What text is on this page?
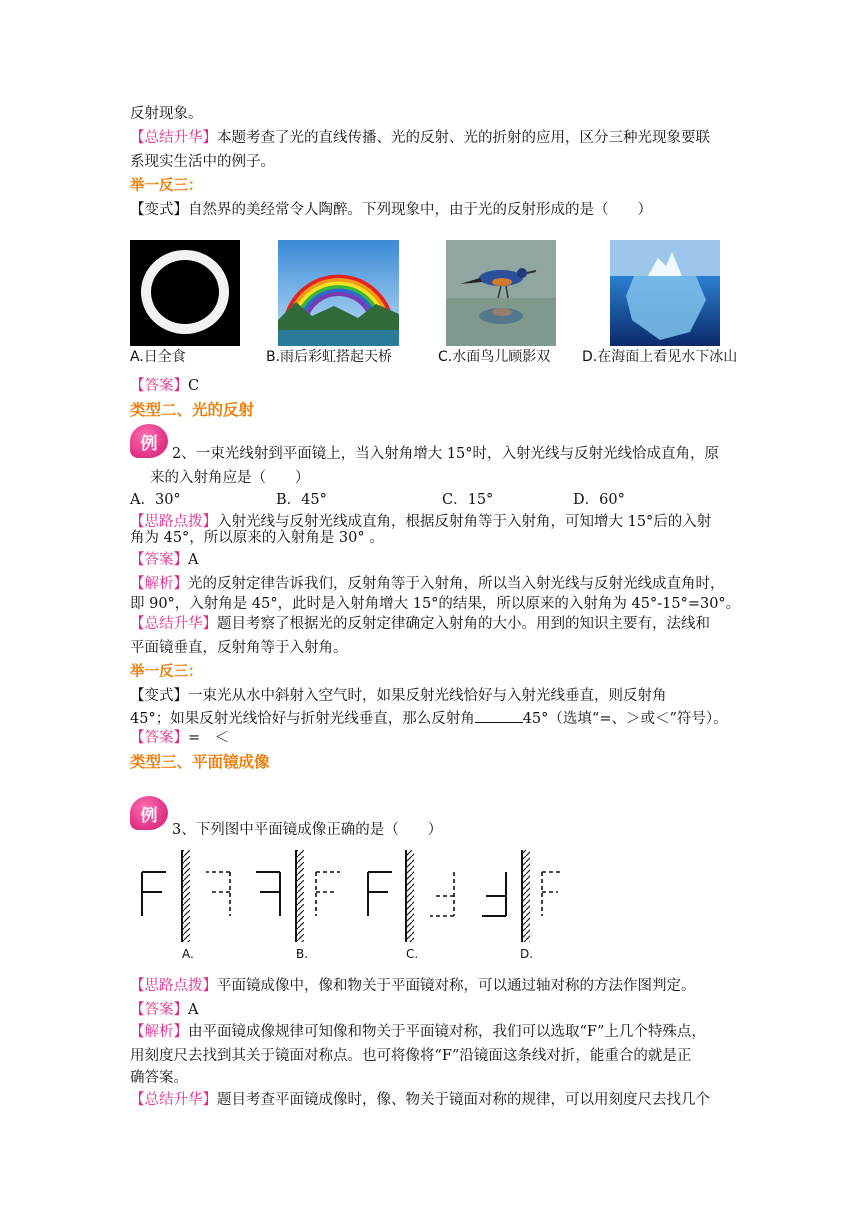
反射现象。
【总结升华】本题考查了光的直线传播、光的反射、光的折射的应用，区分三种光现象要联
系现实生活中的例子。
举一反三：
【变式】自然界的美经常令人陶醉。下列现象中，由于光的反射形成的是（　　）
A.日全食	B.雨后彩虹搭起天桥	C.水面鸟儿顾影双 D.在海面上看见水下冰山
【答案】C
类型二、光的反射
例
2、一束光线射到平面镜上，当入射角增大 15°时，入射光线与反射光线恰成直角，原
来的入射角应是（　　）
A．30°	B．45°	C．15°	D．60°
【思路点拨】入射光线与反射光线成直角，根据反射角等于入射角，可知增大 15°后的入射
角为 45°，所以原来的入射角是 30° 。
【答案】A
【解析】光的反射定律告诉我们，反射角等于入射角，所以当入射光线与反射光线成直角时，
即 90°，入射角是 45°，此时是入射角增大 15°的结果，所以原来的入射角为 45°-15°=30°。
【总结升华】题目考察了根据光的反射定律确定入射角的大小。用到的知识主要有，法线和
平面镜垂直，反射角等于入射角。
举一反三：
【变式】一束光从水中斜射入空气时，如果反射光线恰好与入射光线垂直，则反射角
45°；如果反射光线恰好与折射光线垂直，那么反射角	45°（选填“=、＞或＜”符号）。
【答案】=　＜
类型三、平面镜成像
例
3、下列图中平面镜成像正确的是（　　）
A.	B.	C.	D.
【思路点拨】平面镜成像中，像和物关于平面镜对称，可以通过轴对称的方法作图判定。
【答案】A
【解析】由平面镜成像规律可知像和物关于平面镜对称，我们可以选取“F”上几个特殊点，
用刻度尺去找到其关于镜面对称点。也可将像将“F”沿镜面这条线对折，能重合的就是正
确答案。
【总结升华】题目考查平面镜成像时，像、物关于镜面对称的规律，可以用刻度尺去找几个
